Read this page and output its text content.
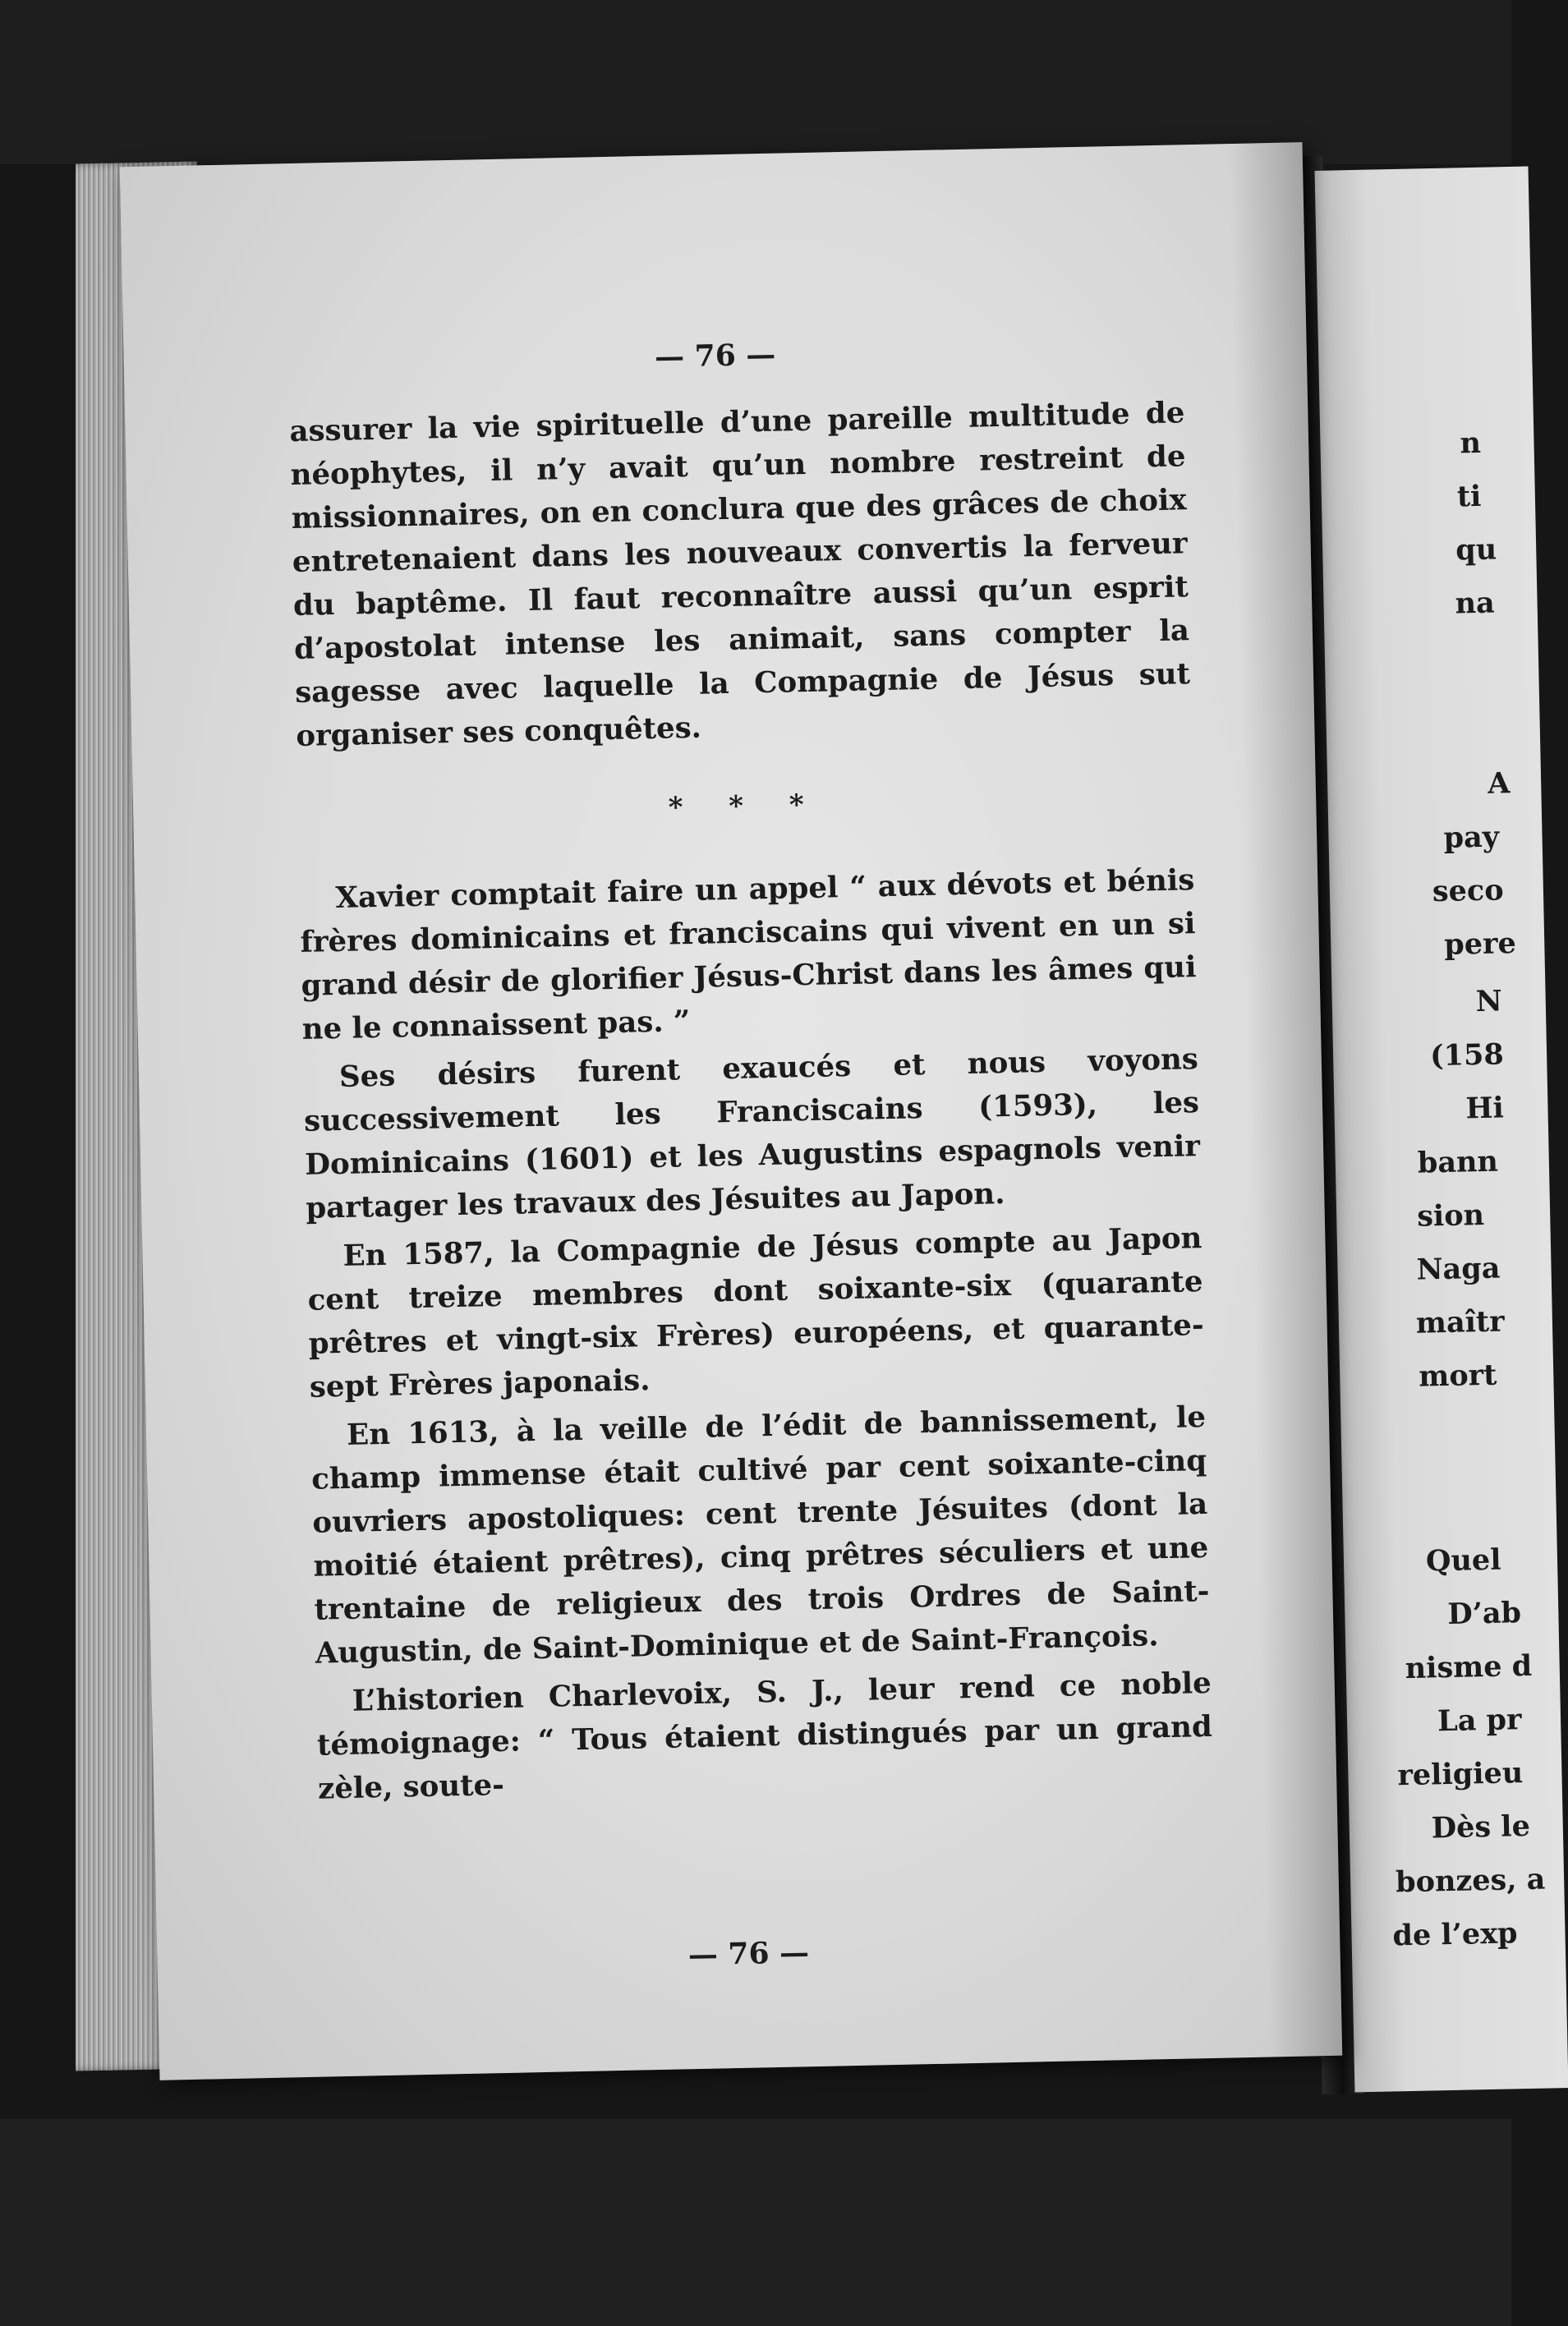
n
ti
qu
na
A
pay
seco
pere
N
(158
Hi
bann
sion
Naga
maîtr
mort
Quel
D’ab
nisme d
La pr
religieu
Dès le
bonzes, a
de l’exp
— 76 —

assurer la vie spirituelle d’une pareille multitude de néophytes, il n’y avait qu’un nombre restreint de missionnaires, on en conclura que des grâces de choix entretenaient dans les nouveaux convertis la ferveur du baptême. Il faut reconnaître aussi qu’un esprit d’apostolat intense les animait, sans compter la sagesse avec laquelle la Compagnie de Jésus sut organiser ses conquêtes.

* * *

Xavier comptait faire un appel “ aux dévots et bénis frères dominicains et franciscains qui vivent en un si grand désir de glorifier Jésus-Christ dans les âmes qui ne le connaissent pas. ”

Ses désirs furent exaucés et nous voyons successivement les Franciscains (1593), les Dominicains (1601) et les Augustins espagnols venir partager les travaux des Jésuites au Japon.

En 1587, la Compagnie de Jésus compte au Japon cent treize membres dont soixante-six (quarante prêtres et vingt-six Frères) européens, et quarante-sept Frères japonais.

En 1613, à la veille de l’édit de bannissement, le champ immense était cultivé par cent soixante-cinq ouvriers apostoliques: cent trente Jésuites (dont la moitié étaient prêtres), cinq prêtres séculiers et une trentaine de religieux des trois Ordres de Saint-Augustin, de Saint-Dominique et de Saint-François.

L’historien Charlevoix, S. J., leur rend ce noble témoignage: “ Tous étaient distingués par un grand zèle, soute-

— 76 —
